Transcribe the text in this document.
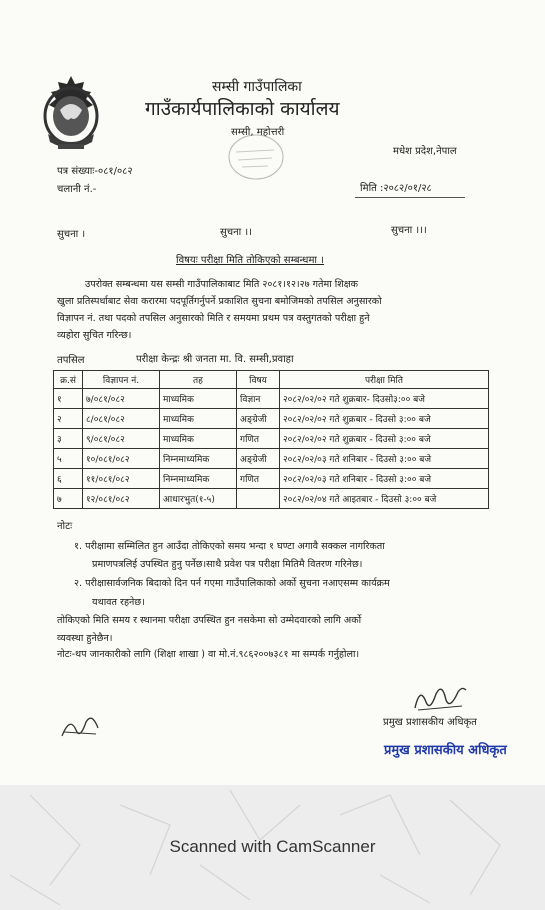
सम्सी गाउँपालिका
गाउँकार्यपालिकाको कार्यालय
सम्सी, महोत्तरी
मधेश प्रदेश,नेपाल
पत्र संख्याः-०८१/०८२
चलानी नं.-	मिति :२०८२/०१/२८
सुचना ।	सुचना ।।	सुचना ।।।
विषयः परीक्षा मिति तोकिएको सम्बन्धमा ।
उपरोक्त सम्बन्धमा यस सम्सी गाउँपालिकाबाट मिति २०८१।१२।२७ गतेमा शिक्षक
खुला प्रतिस्पर्धाबाट सेवा करारमा पदपूर्तिगर्नुपर्ने प्रकाशित सुचना बमोजिमको तपसिल अनुसारको
विज्ञापन नं. तथा पदको तपसिल अनुसारको मिति र समयमा प्रथम पत्र वस्तुगतको परीक्षा हुने
व्यहोरा सुचित गरिन्छ।
तपसिल	परीक्षा केन्द्रः श्री जनता मा. वि. सम्सी,प्रवाहा
क्र.सं	विज्ञापन नं.	तह	विषय	परीक्षा मिति
१	७/०८१/०८२	माध्यमिक	विज्ञान	२०८२/०२/०२ गते शुक्रबार- दिउसो३:०० बजे
२	८/०८१/०८२	माध्यमिक	अङ्ग्रेजी	२०८२/०२/०२ गते शुक्रबार - दिउसो ३:०० बजे
३	९/०८१/०८२	माध्यमिक	गणित	२०८२/०२/०२ गते शुक्रबार - दिउसो ३:०० बजे
५	१०/०८१/०८२	निम्नमाध्यमिक	अङ्ग्रेजी	२०८२/०२/०३ गते शनिबार - दिउसो ३:०० बजे
६	११/०८१/०८२	निम्नमाध्यमिक	गणित	२०८२/०२/०३ गते शनिबार - दिउसो ३:०० बजे
७	१२/०८१/०८२	आधारभुत(१-५)		२०८२/०२/०४ गते आइतबार - दिउसो ३:०० बजे
नोटः
१. परीक्षामा सम्मिलित हुन आउँदा तोकिएको समय भन्दा १ घण्टा अगावै सक्कल नागरिकता
प्रमाणपत्रलिई उपस्थित हुनु पर्नेछ।साथै प्रवेश पत्र परीक्षा मितिमै वितरण गरिनेछ।
२. परीक्षासार्वजनिक बिदाको दिन पर्न गएमा गाउँपालिकाको अर्को सुचना नआएसम्म कार्यक्रम
यथावत रहनेछ।
तोकिएको मिति समय र स्थानमा परीक्षा उपस्थित हुन नसकेमा सो उम्मेदवारको लागि अर्को
व्यवस्था हुनेछैन।
नोटः-थप जानकारीको लागि (शिक्षा शाखा ) वा मो.नं.९८६२००७३८१ मा सम्पर्क गर्नुहोला।
प्रमुख प्रशासकीय अधिकृत
प्रमुख प्रशासकीय अधिकृत
Scanned with CamScanner
